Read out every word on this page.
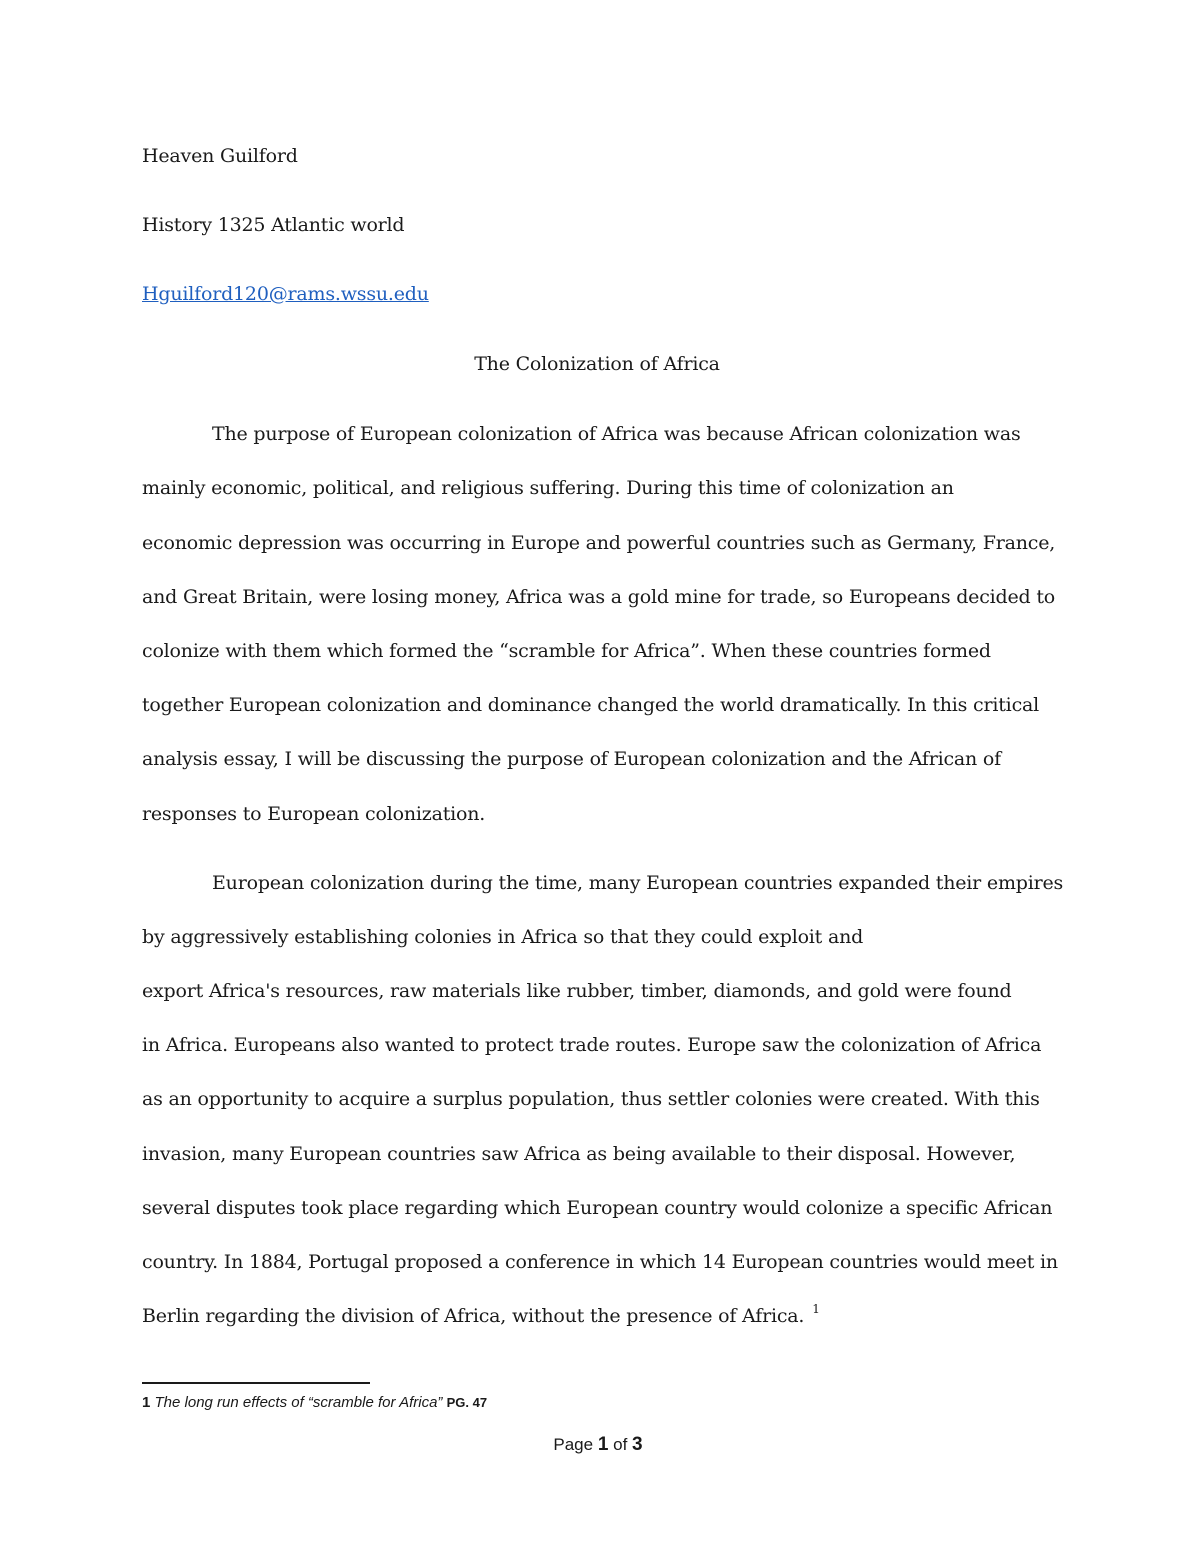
Heaven Guilford
History 1325 Atlantic world
Hguilford120@rams.wssu.edu
The Colonization of Africa
The purpose of European colonization of Africa was because African colonization was
mainly economic, political, and religious suffering. During this time of colonization an
economic depression was occurring in Europe and powerful countries such as Germany, France,
and Great Britain, were losing money, Africa was a gold mine for trade, so Europeans decided to
colonize with them which formed the “scramble for Africa”. When these countries formed
together European colonization and dominance changed the world dramatically. In this critical
analysis essay, I will be discussing the purpose of European colonization and the African of
responses to European colonization.
European colonization during the time, many European countries expanded their empires
by aggressively establishing colonies in Africa so that they could exploit and
export Africa's resources, raw materials like rubber, timber, diamonds, and gold were found
in Africa. Europeans also wanted to protect trade routes. Europe saw the colonization of Africa
as an opportunity to acquire a surplus population, thus settler colonies were created. With this
invasion, many European countries saw Africa as being available to their disposal. However,
several disputes took place regarding which European country would colonize a specific African
country. In 1884, Portugal proposed a conference in which 14 European countries would meet in
Berlin regarding the division of Africa, without the presence of Africa. $^1$
1 The long run effects of “scramble for Africa” PG. 47
Page 1 of 3
